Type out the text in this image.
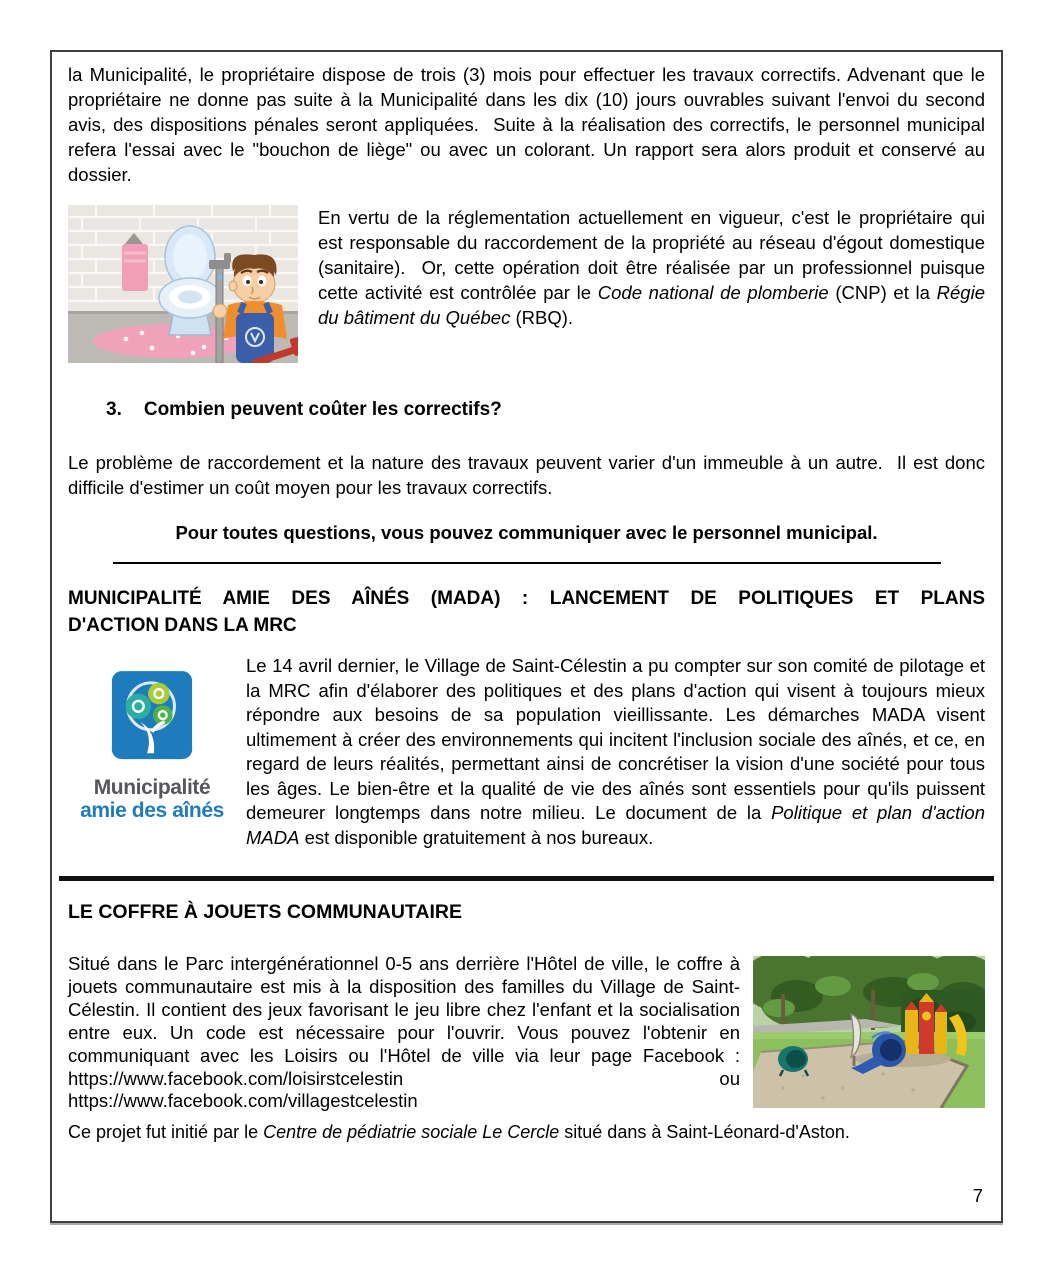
la Municipalité, le propriétaire dispose de trois (3) mois pour effectuer les travaux correctifs. Advenant que le propriétaire ne donne pas suite à la Municipalité dans les dix (10) jours ouvrables suivant l'envoi du second avis, des dispositions pénales seront appliquées.  Suite à la réalisation des correctifs, le personnel municipal refera l'essai avec le "bouchon de liège" ou avec un colorant. Un rapport sera alors produit et conservé au dossier.

En vertu de la réglementation actuellement en vigueur, c'est le propriétaire qui est responsable du raccordement de la propriété au réseau d'égout domestique (sanitaire).  Or, cette opération doit être réalisée par un professionnel puisque cette activité est contrôlée par le Code national de plomberie (CNP) et la Régie du bâtiment du Québec (RBQ).

3. Combien peuvent coûter les correctifs?

Le problème de raccordement et la nature des travaux peuvent varier d'un immeuble à un autre.  Il est donc difficile d'estimer un coût moyen pour les travaux correctifs.

Pour toutes questions, vous pouvez communiquer avec le personnel municipal.

MUNICIPALITÉ AMIE DES AÎNÉS (MADA) : LANCEMENT DE POLITIQUES ET PLANS
D'ACTION DANS LA MRC
Municipalité
amie des aînés

Le 14 avril dernier, le Village de Saint-Célestin a pu compter sur son comité de pilotage et la MRC afin d'élaborer des politiques et des plans d'action qui visent à toujours mieux répondre aux besoins de sa population vieillissante. Les démarches MADA visent ultimement à créer des environnements qui incitent l'inclusion sociale des aînés, et ce, en regard de leurs réalités, permettant ainsi de concrétiser la vision d'une société pour tous les âges. Le bien-être et la qualité de vie des aînés sont essentiels pour qu'ils puissent demeurer longtemps dans notre milieu. Le document de la Politique et plan d'action MADA est disponible gratuitement à nos bureaux.

LE COFFRE À JOUETS COMMUNAUTAIRE

Situé dans le Parc intergénérationnel 0-5 ans derrière l'Hôtel de ville, le coffre à jouets communautaire est mis à la disposition des familles du Village de Saint-Célestin. Il contient des jeux favorisant le jeu libre chez l'enfant et la socialisation entre eux. Un code est nécessaire pour l'ouvrir. Vous pouvez l'obtenir en communiquant avec les Loisirs ou l'Hôtel de ville via leur page Facebook : https://www.facebook.com/loisirstcelestin ou https://www.facebook.com/villagestcelestin

Ce projet fut initié par le Centre de pédiatrie sociale Le Cercle situé dans à Saint-Léonard-d'Aston.

7
